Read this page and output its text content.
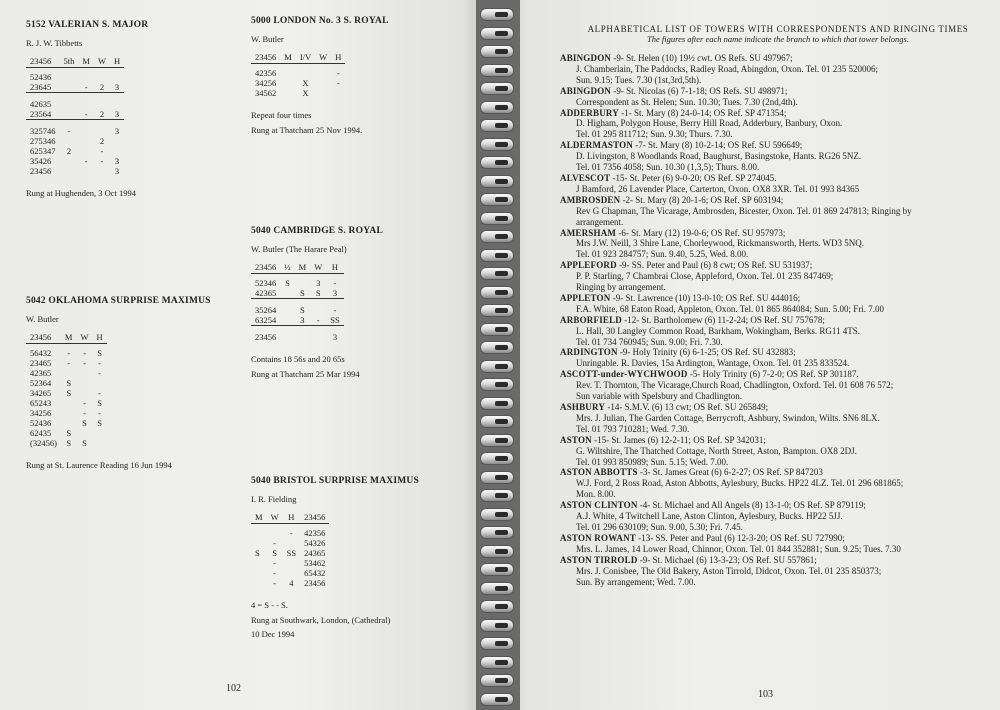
5152 VALERIAN S. MAJOR
R. J. W. Tibbetts
23456	5th	M	W	H

52436				
23645		-	2	3

42635				
23564		-	2	3

325746	-			3
275346			2	
625347	2		-	
35426		-	-	3
23456				3
Rung at Hughenden, 3 Oct 1994
5042 OKLAHOMA SURPRISE MAXIMUS
W. Butler
23456	M	W	H

56432	-	-	S
23465	-	-	-
42365			-
52364	S		
34265	S		-
65243		-	S
34256		-	-
52436		S	S
62435	S		
(32456)	S	S	
Rung at St. Laurence Reading 16 Jun 1994
5000 LONDON No. 3 S. ROYAL
W. Butler
23456	M	I/V	W	H

42356				-
34256		X		-
34562		X		
Repeat four times
Rung at Thatcham 25 Nov 1994.
5040 CAMBRIDGE S. ROYAL
W. Butler (The Harare Peal)
23456	½	M	W	H

52346	S		3	-
42365		S	S	3

35264		S		-
63254		3	-	SS

23456				3
Contains 18 56s and 20 65s
Rung at Thatcham 25 Mar 1994
5040 BRISTOL SURPRISE MAXIMUS
I. R. Fielding
M	W	H	23456

		-	42356
	-		54326
S	S	SS	24365
	-		53462
	-		65432
	-	4	23456
4 = S - - S.
Rung at Southwark, London, (Cathedral)
10 Dec 1994
102
ALPHABETICAL LIST OF TOWERS WITH CORRESPONDENTS AND RINGING TIMES
The figures after each name indicate the branch to which that tower belongs.
ABINGDON -9- St. Helen (10) 19½ cwt. OS Refs. SU 497967;
J. Chamberlain, The Paddocks, Radley Road, Abingdon, Oxon. Tel. 01 235 520006;
Sun. 9.15; Tues. 7.30 (1st,3rd,5th).
ABINGDON -9- St. Nicolas (6) 7-1-18; OS Refs. SU 498971;
Correspondent as St. Helen; Sun. 10.30; Tues. 7.30 (2nd,4th).
ADDERBURY -1- St. Mary (8) 24-0-14; OS Ref. SP 471354;
D. Higham, Polygon House, Berry Hill Road, Adderbury, Banbury, Oxon.
Tel. 01 295 811712; Sun. 9.30; Thurs. 7.30.
ALDERMASTON -7- St. Mary (8) 10-2-14; OS Ref. SU 596649;
D. Livingston, 8 Woodlands Road, Baughurst, Basingstoke, Hants. RG26 5NZ.
Tel. 01 7356 4058; Sun. 10.30 (1,3,5); Thurs. 8.00.
ALVESCOT -15- St. Peter (6) 9-0-20; OS Ref. SP 274045.
J Bamford, 26 Lavender Place, Carterton, Oxon. OX8 3XR. Tel. 01 993 84365
AMBROSDEN -2- St. Mary (8) 20-1-6; OS Ref. SP 603194;
Rev G Chapman, The Vicarage, Ambrosden, Bicester, Oxon. Tel. 01 869 247813; Ringing by
arrangement.
AMERSHAM -6- St. Mary (12) 19-0-6; OS Ref. SU 957973;
Mrs J.W. Neill, 3 Shire Lane, Chorleywood, Rickmansworth, Herts. WD3 5NQ.
Tel. 01 923 284757; Sun. 9.40, 5.25, Wed. 8.00.
APPLEFORD -9- SS. Peter and Paul (6) 8 cwt; OS Ref. SU 531937;
P. P. Starling, 7 Chambrai Close, Appleford, Oxon. Tel. 01 235 847469;
Ringing by arrangement.
APPLETON -9- St. Lawrence (10) 13-0-10; OS Ref. SU 444016;
F.A. White, 68 Eaton Road, Appleton, Oxon. Tel. 01 865 864084; Sun. 5.00; Fri. 7.00
ARBORFIELD -12- St. Bartholomew (6) 11-2-24; OS Ref. SU 757678;
L. Hall, 30 Langley Common Road, Barkham, Wokingham, Berks. RG11 4TS.
Tel. 01 734 760945; Sun. 9.00; Fri. 7.30.
ARDINGTON -9- Holy Trinity (6) 6-1-25; OS Ref. SU 432883;
Unringable. R. Davies, 15a Ardington, Wantage, Oxon. Tel. 01 235 833524.
ASCOTT-under-WYCHWOOD -5- Holy Trinity (6) 7-2-0; OS Ref. SP 301187.
Rev. T. Thornton, The Vicarage,Church Road, Chadlington, Oxford. Tel. 01 608 76 572;
Sun variable with Spelsbury and Chadlington.
ASHBURY -14- S.M.V. (6) 13 cwt; OS Ref. SU 265849;
Mrs. J. Julian, The Garden Cottage, Berrycroft, Ashbury, Swindon, Wilts. SN6 8LX.
Tel. 01 793 710281; Wed. 7.30.
ASTON -15- St. James (6) 12-2-11; OS Ref. SP 342031;
G. Wiltshire, The Thatched Cottage, North Street, Aston, Bampton. OX8 2DJ.
Tel. 01 993 850989; Sun. 5.15; Wed. 7.00.
ASTON ABBOTTS -3- St. James Great (6) 6-2-27; OS Ref. SP 847203
W.J. Ford, 2 Ross Road, Aston Abbotts, Aylesbury, Bucks. HP22 4LZ. Tel. 01 296 681865;
Mon. 8.00.
ASTON CLINTON -4- St. Michael and All Angels (8) 13-1-0; OS Ref. SP 879119;
A.J. White, 4 Twitchell Lane, Aston Clinton, Aylesbury, Bucks. HP22 5JJ.
Tel. 01 296 630109; Sun. 9.00, 5.30; Fri. 7.45.
ASTON ROWANT -13- SS. Peter and Paul (6) 12-3-20; OS Ref. SU 727990;
Mrs. L. James, 14 Lower Road, Chinnor, Oxon. Tel. 01 844 352881; Sun. 9.25; Tues. 7.30
ASTON TIRROLD -9- St. Michael (6) 13-3-23; OS Ref. SU 557861;
Mrs. J. Conisbee, The Old Bakery, Aston Tirrold, Didcot, Oxon. Tel. 01 235 850373;
Sun. By arrangement; Wed. 7.00.
103
